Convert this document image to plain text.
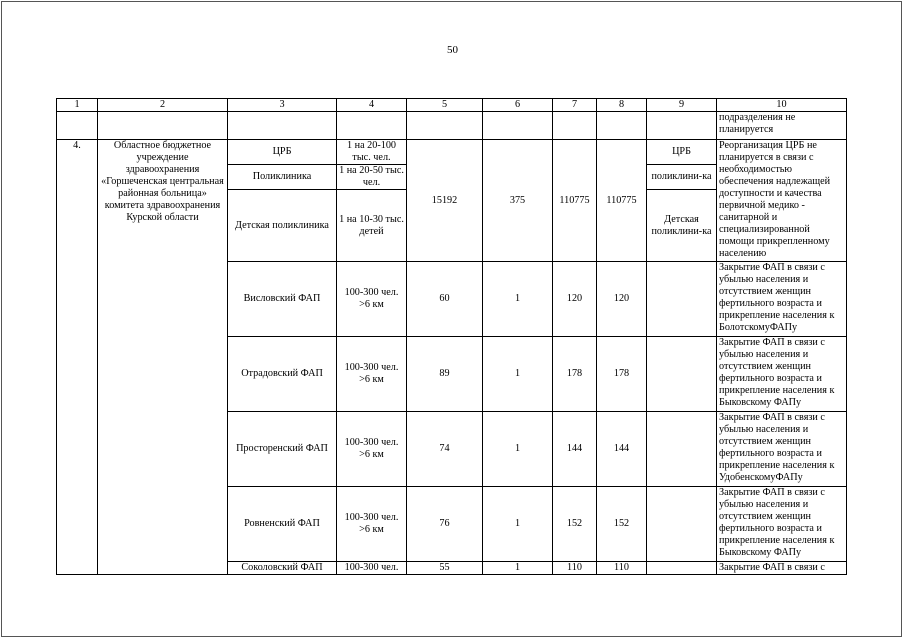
50
1	2	3	4	5	6	7	8	9	10
									подразделения не планируется
4.	Областное бюджетное учреждение здравоохранения «Горшеченская центральная районная больница» комитета здравоохранения Курской области	ЦРБ	1 на 20-100 тыс. чел.	15192	375	110775	110775	ЦРБ	Реорганизация ЦРБ не планируется в связи с необходимостью обеспечения надлежащей доступности и качества первичной медико - санитарной и специализированной помощи прикрепленному населению
		Поликлиника	1 на 20-50 тыс. чел.					поликлини-ка	
		Детская поликлиника	1 на 10-30 тыс. детей					Детская поликлини-ка	
		Висловский ФАП	100-300 чел. >6 км	60	1	120	120		Закрытие ФАП в связи с убылью населения и отсутствием женщин фертильного возраста и прикрепление населения к БолотскомуФАПу
		Отрадовский ФАП	100-300 чел. >6 км	89	1	178	178		Закрытие ФАП в связи с убылью населения и отсутствием женщин фертильного возраста и прикрепление населения к Быковскому ФАПу
		Просторенский ФАП	100-300 чел. >6 км	74	1	144	144		Закрытие ФАП в связи с убылью населения и отсутствием женщин фертильного возраста и прикрепление населения к УдобенскомуФАПу
		Ровненский ФАП	100-300 чел. >6 км	76	1	152	152		Закрытие ФАП в связи с убылью населения и отсутствием женщин фертильного возраста и прикрепление населения к Быковскому ФАПу
		Соколовский ФАП	100-300 чел.	55	1	110	110		Закрытие ФАП в связи с
